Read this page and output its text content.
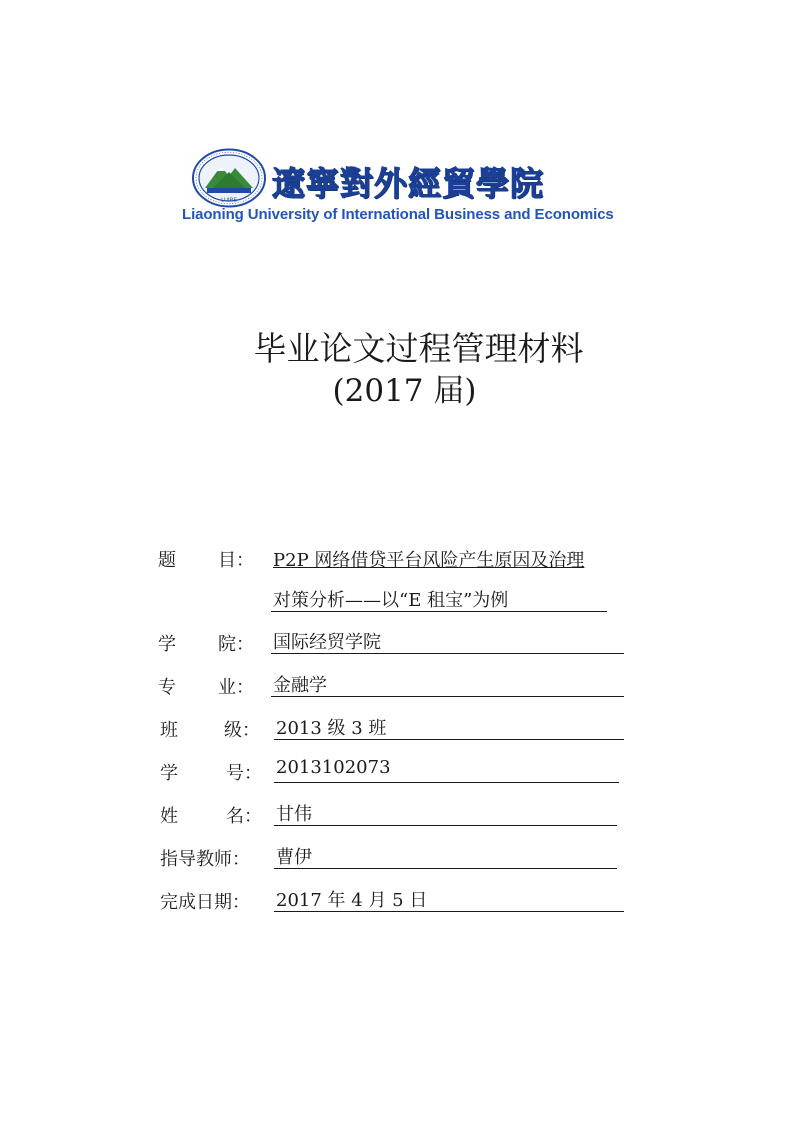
LUIBE 遼寧對外經貿學院
Liaoning University of International Business and Economics
毕业论文过程管理材料
(2017 届)
题 目： P2P 网络借贷平台风险产生原因及治理
对策分析——以“E 租宝”为例
学 院： 国际经贸学院
专 业： 金融学
班	级： 2013 级 3 班
学	号： 2013102073
姓	名： 甘伟
指导教师： 曹伊
完成日期： 2017 年 4 月 5 日
